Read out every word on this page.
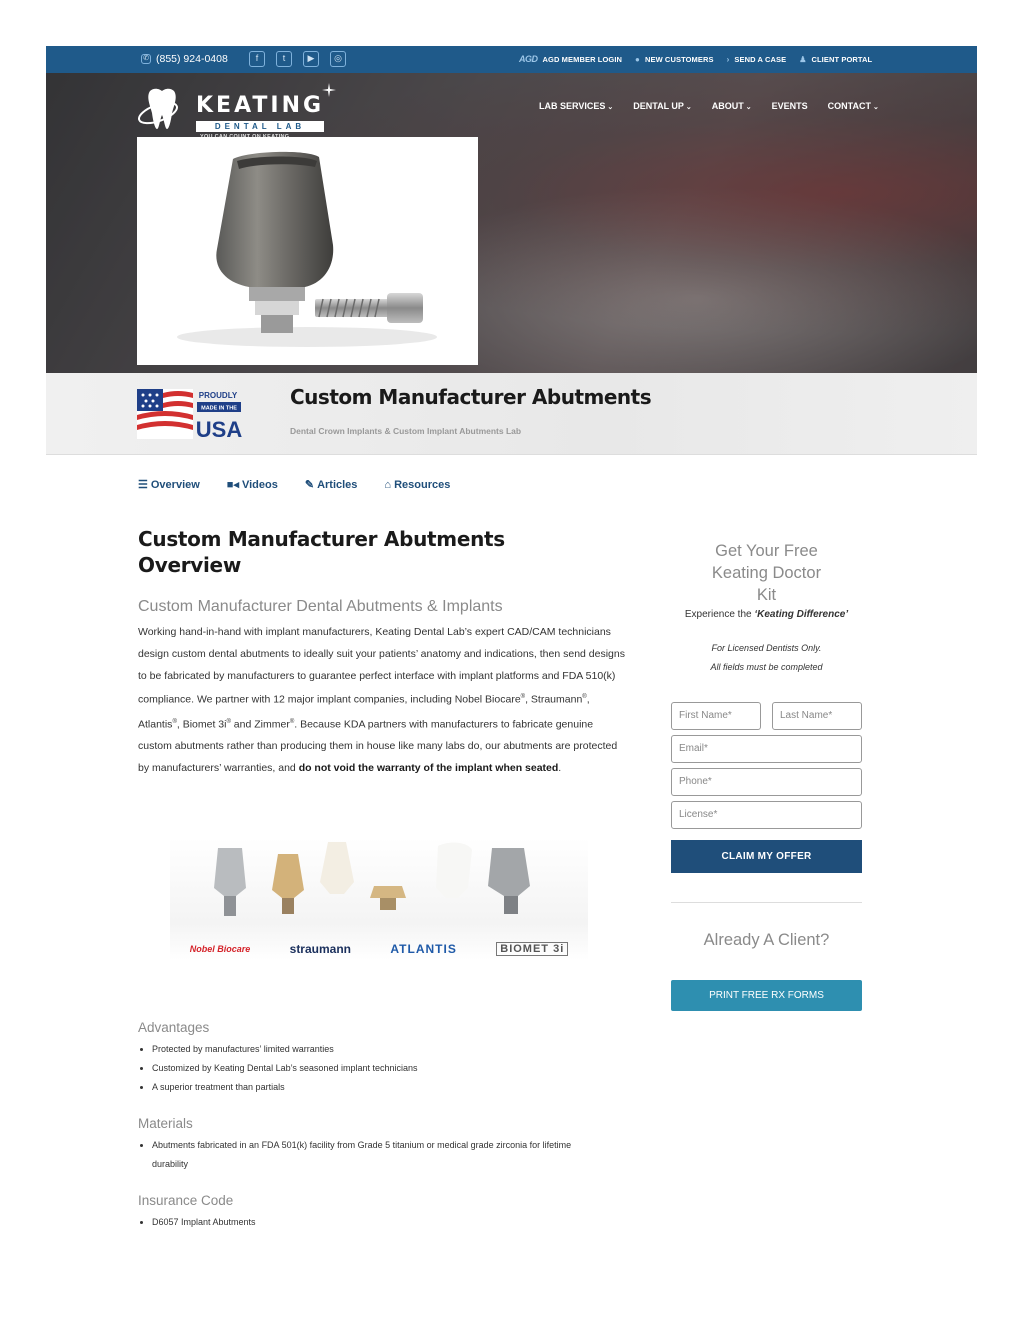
✆ (855) 924-0408	f	t	▶	◎	AGD AGD MEMBER LOGIN ● NEW CUSTOMERS › SEND A CASE ♟ CLIENT PORTAL
KEATING
DENTAL LAB
LAB SERVICES ⌄ DENTAL UP ⌄ ABOUT ⌄ EVENTS CONTACT ⌄
PROUDLY
MADE IN THE
USA
Custom Manufacturer Abutments
Dental Crown Implants & Custom Implant Abutments Lab
☰ Overview ■◂ Videos ✎ Articles ⌂ Resources
Custom Manufacturer Abutments
Overview
Custom Manufacturer Dental Abutments & Implants

Working hand-in-hand with implant manufacturers, Keating Dental Lab’s expert CAD/CAM technicians design custom dental abutments to ideally suit your patients’ anatomy and indications, then send designs to be fabricated by manufacturers to guarantee perfect interface with implant platforms and FDA 510(k) compliance. We partner with 12 major implant companies, including Nobel Biocare®, Straumann®, Atlantis®, Biomet 3i® and Zimmer®. Because KDA partners with manufacturers to fabricate genuine custom abutments rather than producing them in house like many labs do, our abutments are protected by manufacturers’ warranties, and do not void the warranty of the implant when seated.

Nobel Biocare	straumann	ATLANTIS	BIOMET 3i
Advantages
• Protected by manufactures’ limited warranties
• Customized by Keating Dental Lab’s seasoned implant technicians
• A superior treatment than partials
Materials
• Abutments fabricated in an FDA 501(k) facility from Grade 5 titanium or medical grade zirconia for lifetime durability
Insurance Code
• D6057 Implant Abutments
Get Your Free
Keating Doctor
Kit
Experience the ‘Keating Difference’
For Licensed Dentists Only.
All fields must be completed
First Name*	Last Name*
Email*
Phone*
License*
CLAIM MY OFFER
Already A Client?
PRINT FREE RX FORMS
